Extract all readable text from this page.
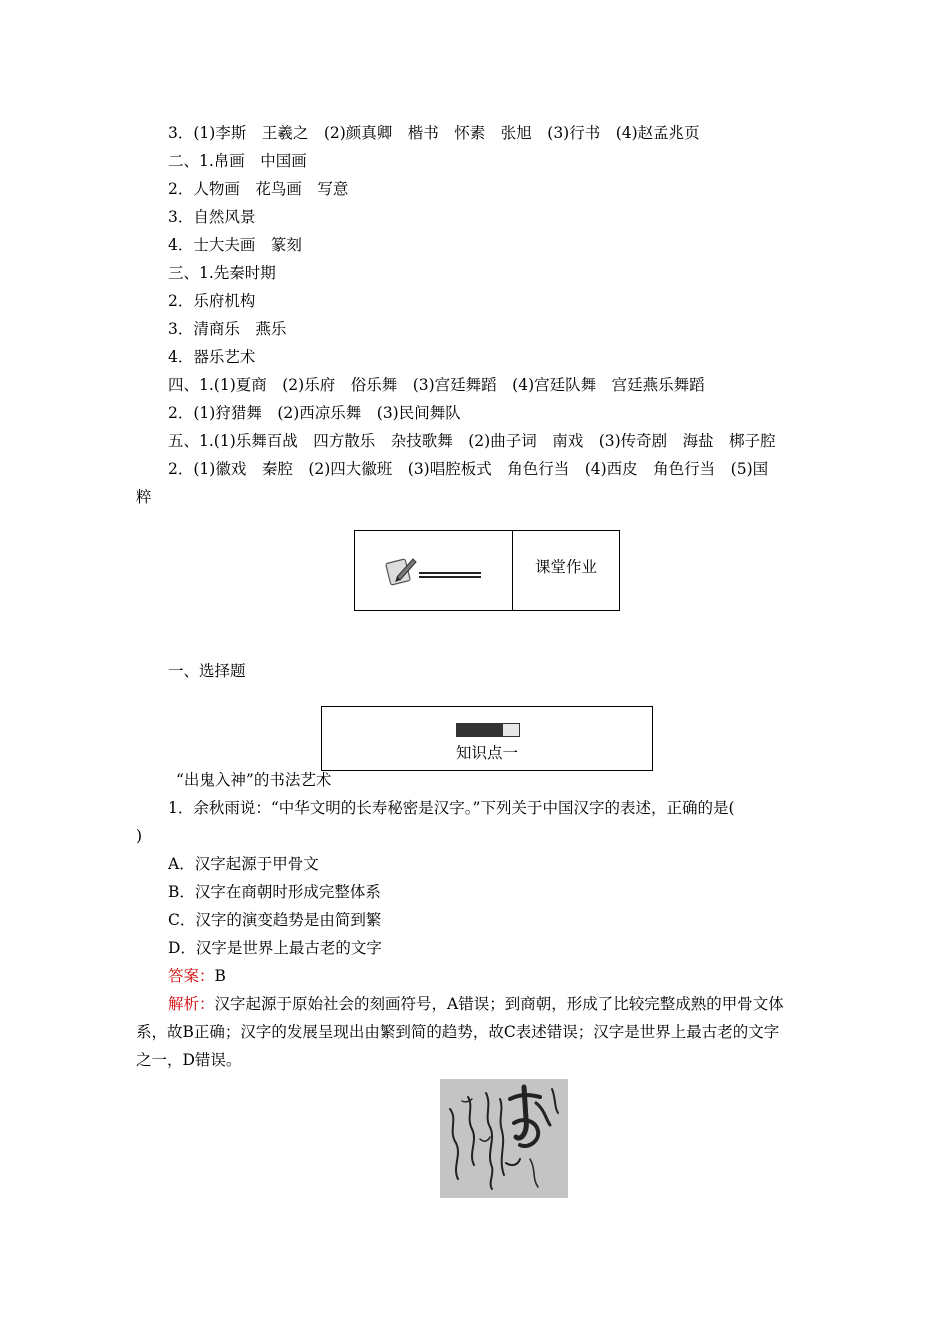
3．(1)李斯　王羲之　(2)颜真卿　楷书　怀素　张旭　(3)行书　(4)赵孟兆页
二、1.帛画　中国画
2．人物画　花鸟画　写意
3．自然风景
4．士大夫画　篆刻
三、1.先秦时期
2．乐府机构
3．清商乐　燕乐
4．器乐艺术
四、1.(1)夏商　(2)乐府　俗乐舞　(3)宫廷舞蹈　(4)宫廷队舞　宫廷燕乐舞蹈
2．(1)狩猎舞　(2)西凉乐舞　(3)民间舞队
五、1.(1)乐舞百战　四方散乐　杂技歌舞　(2)曲子词　南戏　(3)传奇剧　海盐　梆子腔
2．(1)徽戏　秦腔　(2)四大徽班　(3)唱腔板式　角色行当　(4)西皮　角色行当　(5)国
粹
课堂作业
一、选择题
知识点一
“出鬼入神”的书法艺术
1．余秋雨说：“中华文明的长寿秘密是汉字。”下列关于中国汉字的表述，正确的是(
)
A．汉字起源于甲骨文
B．汉字在商朝时形成完整体系
C．汉字的演变趋势是由简到繁
D．汉字是世界上最古老的文字
答案：B
解析：汉字起源于原始社会的刻画符号，A错误；到商朝，形成了比较完整成熟的甲骨文体
系，故B正确；汉字的发展呈现出由繁到简的趋势，故C表述错误；汉字是世界上最古老的文字
之一，D错误。
